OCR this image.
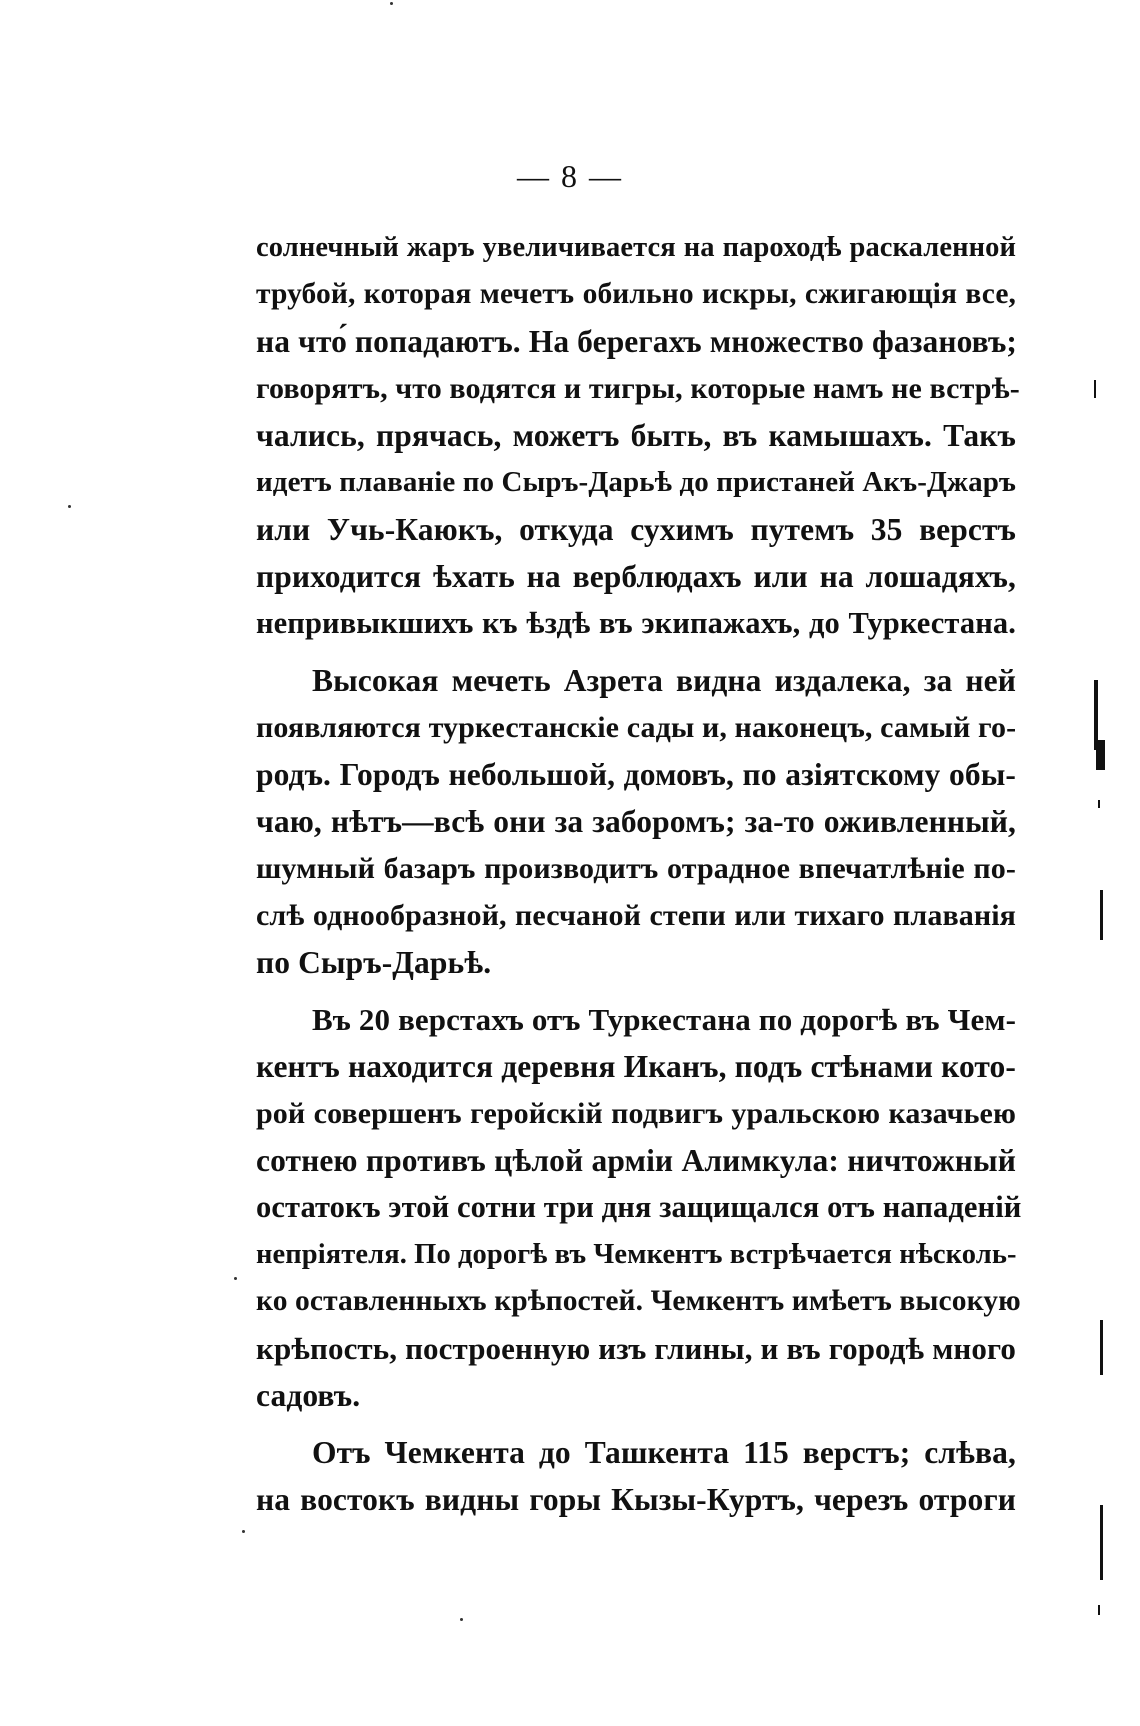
— 8 —
солнечный жаръ увеличивается на пароходѣ раскаленной
трубой, которая мечетъ обильно искры, сжигающія все,
на что́ попадаютъ. На берегахъ множество фазановъ;
говорятъ, что водятся и тигры, которые намъ не встрѣ-
чались, прячась, можетъ быть, въ камышахъ. Такъ
идетъ плаваніе по Сыръ-Дарьѣ до пристаней Акъ-Джаръ
или Учь-Каюкъ, откуда сухимъ путемъ 35 верстъ
приходится ѣхать на верблюдахъ или на лошадяхъ,
непривыкшихъ къ ѣздѣ въ экипажахъ, до Туркестана.
Высокая мечеть Азрета видна издалека, за ней
появляются туркестанскіе сады и, наконецъ, самый го-
родъ. Городъ небольшой, домовъ, по азіятскому обы-
чаю, нѣтъ—всѣ они за заборомъ; за-то оживленный,
шумный базаръ производитъ отрадное впечатлѣніе по-
слѣ однообразной, песчаной степи или тихаго плаванія
по Сыръ-Дарьѣ.
Въ 20 верстахъ отъ Туркестана по дорогѣ въ Чем-
кентъ находится деревня Иканъ, подъ стѣнами кото-
рой совершенъ геройскій подвигъ уральскою казачьею
сотнею противъ цѣлой арміи Алимкула: ничтожный
остатокъ этой сотни три дня защищался отъ нападеній
непріятеля. По дорогѣ въ Чемкентъ встрѣчается нѣсколь-
ко оставленныхъ крѣпостей. Чемкентъ имѣетъ высокую
крѣпость, построенную изъ глины, и въ городѣ много
садовъ.
Отъ Чемкента до Ташкента 115 верстъ; слѣва,
на востокъ видны горы Кызы-Куртъ, черезъ отроги
